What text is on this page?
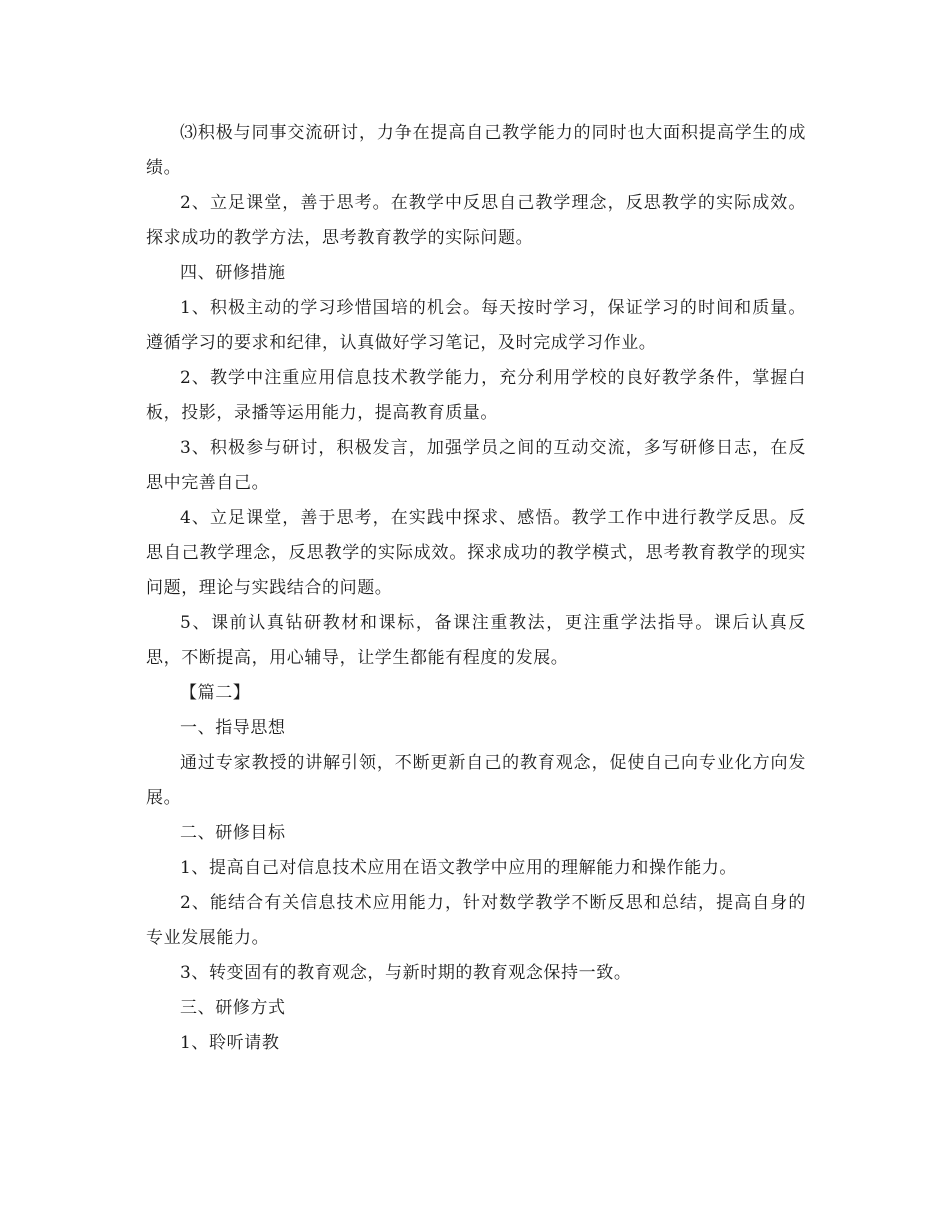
⑶积极与同事交流研讨，力争在提高自己教学能力的同时也大面积提高学生的成绩。

2、立足课堂，善于思考。在教学中反思自己教学理念，反思教学的实际成效。探求成功的教学方法，思考教育教学的实际问题。

四、研修措施

1、积极主动的学习珍惜国培的机会。每天按时学习，保证学习的时间和质量。遵循学习的要求和纪律，认真做好学习笔记，及时完成学习作业。

2、教学中注重应用信息技术教学能力，充分利用学校的良好教学条件，掌握白板，投影，录播等运用能力，提高教育质量。

3、积极参与研讨，积极发言，加强学员之间的互动交流，多写研修日志，在反思中完善自己。

4、立足课堂，善于思考，在实践中探求、感悟。教学工作中进行教学反思。反思自己教学理念，反思教学的实际成效。探求成功的教学模式，思考教育教学的现实问题，理论与实践结合的问题。

5、课前认真钻研教材和课标，备课注重教法，更注重学法指导。课后认真反思，不断提高，用心辅导，让学生都能有程度的发展。

【篇二】

一、指导思想

通过专家教授的讲解引领，不断更新自己的教育观念，促使自己向专业化方向发展。

二、研修目标

1、提高自己对信息技术应用在语文教学中应用的理解能力和操作能力。

2、能结合有关信息技术应用能力，针对数学教学不断反思和总结，提高自身的专业发展能力。

3、转变固有的教育观念，与新时期的教育观念保持一致。

三、研修方式

1、聆听请教
